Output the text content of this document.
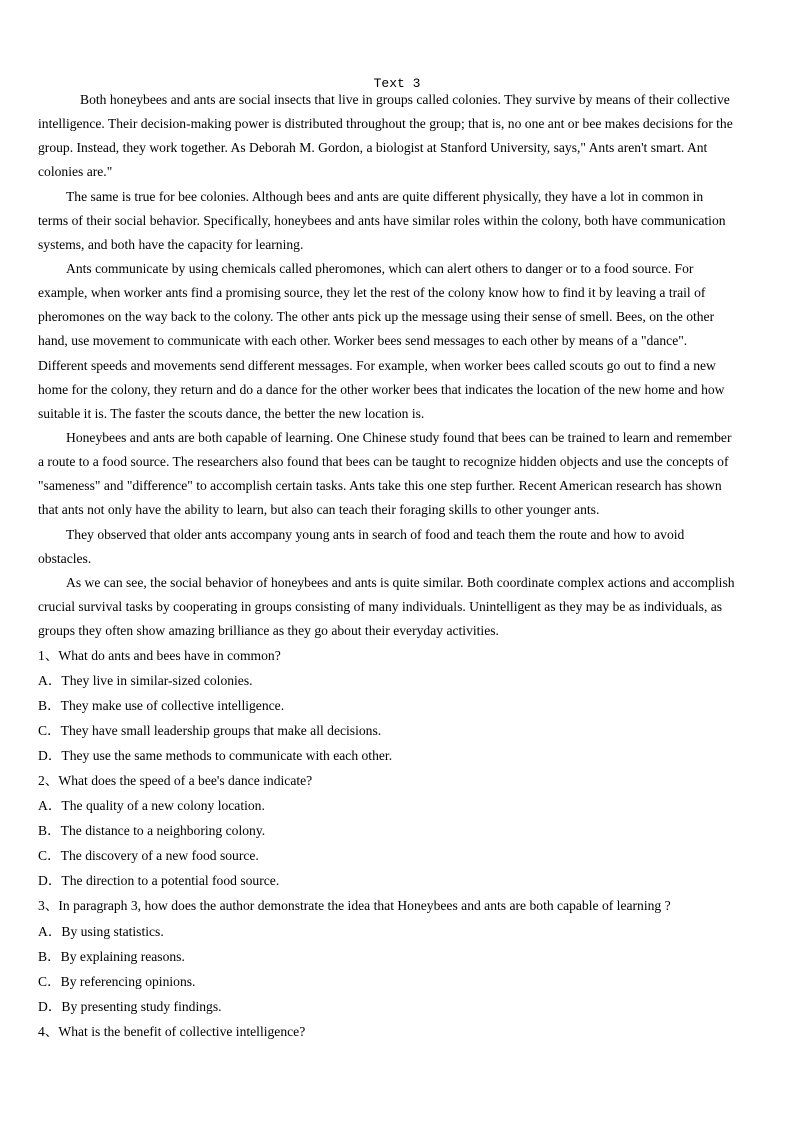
Text 3
Both honeybees and ants are social insects that live in groups called colonies. They survive by means of their collective
intelligence. Their decision-making power is distributed throughout the group; that is, no one ant or bee makes decisions for the
group. Instead, they work together. As Deborah M. Gordon, a biologist at Stanford University, says," Ants aren't smart. Ant
colonies are."
The same is true for bee colonies. Although bees and ants are quite different physically, they have a lot in common in
terms of their social behavior. Specifically, honeybees and ants have similar roles within the colony, both have communication
systems, and both have the capacity for learning.
Ants communicate by using chemicals called pheromones, which can alert others to danger or to a food source. For
example, when worker ants find a promising source, they let the rest of the colony know how to find it by leaving a trail of
pheromones on the way back to the colony. The other ants pick up the message using their sense of smell. Bees, on the other
hand, use movement to communicate with each other. Worker bees send messages to each other by means of a "dance".
Different speeds and movements send different messages. For example, when worker bees called scouts go out to find a new
home for the colony, they return and do a dance for the other worker bees that indicates the location of the new home and how
suitable it is. The faster the scouts dance, the better the new location is.
Honeybees and ants are both capable of learning. One Chinese study found that bees can be trained to learn and remember
a route to a food source. The researchers also found that bees can be taught to recognize hidden objects and use the concepts of
"sameness" and "difference" to accomplish certain tasks. Ants take this one step further. Recent American research has shown
that ants not only have the ability to learn, but also can teach their foraging skills to other younger ants.
They observed that older ants accompany young ants in search of food and teach them the route and how to avoid
obstacles.
As we can see, the social behavior of honeybees and ants is quite similar. Both coordinate complex actions and accomplish
crucial survival tasks by cooperating in groups consisting of many individuals. Unintelligent as they may be as individuals, as
groups they often show amazing brilliance as they go about their everyday activities.
1、What do ants and bees have in common?
A．They live in similar-sized colonies.
B．They make use of collective intelligence.
C．They have small leadership groups that make all decisions.
D．They use the same methods to communicate with each other.
2、What does the speed of a bee's dance indicate?
A．The quality of a new colony location.
B．The distance to a neighboring colony.
C．The discovery of a new food source.
D．The direction to a potential food source.
3、In paragraph 3, how does the author demonstrate the idea that Honeybees and ants are both capable of learning ?
A．By using statistics.
B．By explaining reasons.
C．By referencing opinions.
D．By presenting study findings.
4、What is the benefit of collective intelligence?
